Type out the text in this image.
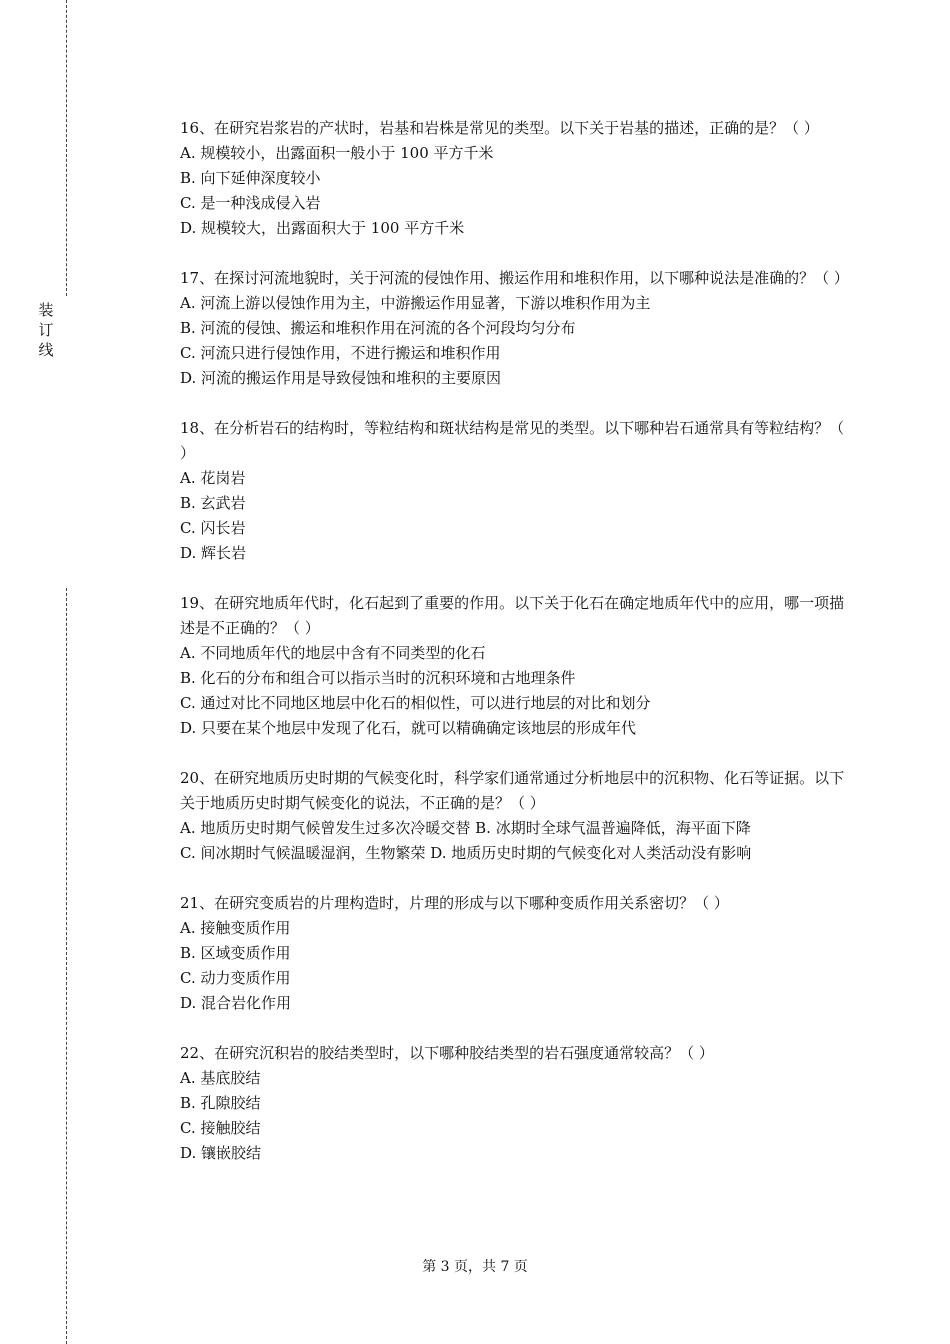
装
订
线

16、在研究岩浆岩的产状时，岩基和岩株是常见的类型。以下关于岩基的描述，正确的是？（ ）

A. 规模较小，出露面积一般小于 100 平方千米

B. 向下延伸深度较小

C. 是一种浅成侵入岩

D. 规模较大，出露面积大于 100 平方千米

17、在探讨河流地貌时，关于河流的侵蚀作用、搬运作用和堆积作用，以下哪种说法是准确的？（ ）

A. 河流上游以侵蚀作用为主，中游搬运作用显著，下游以堆积作用为主

B. 河流的侵蚀、搬运和堆积作用在河流的各个河段均匀分布

C. 河流只进行侵蚀作用，不进行搬运和堆积作用

D. 河流的搬运作用是导致侵蚀和堆积的主要原因

18、在分析岩石的结构时，等粒结构和斑状结构是常见的类型。以下哪种岩石通常具有等粒结构？（ ）

A. 花岗岩

B. 玄武岩

C. 闪长岩

D. 辉长岩

19、在研究地质年代时，化石起到了重要的作用。以下关于化石在确定地质年代中的应用，哪一项描述是不正确的？（ ）

A. 不同地质年代的地层中含有不同类型的化石

B. 化石的分布和组合可以指示当时的沉积环境和古地理条件

C. 通过对比不同地区地层中化石的相似性，可以进行地层的对比和划分

D. 只要在某个地层中发现了化石，就可以精确确定该地层的形成年代

20、在研究地质历史时期的气候变化时，科学家们通常通过分析地层中的沉积物、化石等证据。以下关于地质历史时期气候变化的说法，不正确的是？（ ）

A. 地质历史时期气候曾发生过多次冷暖交替 B. 冰期时全球气温普遍降低，海平面下降

C. 间冰期时气候温暖湿润，生物繁荣 D. 地质历史时期的气候变化对人类活动没有影响

21、在研究变质岩的片理构造时，片理的形成与以下哪种变质作用关系密切？（ ）

A. 接触变质作用

B. 区域变质作用

C. 动力变质作用

D. 混合岩化作用

22、在研究沉积岩的胶结类型时，以下哪种胶结类型的岩石强度通常较高？（ ）

A. 基底胶结

B. 孔隙胶结

C. 接触胶结

D. 镶嵌胶结

第 3 页，共 7 页
